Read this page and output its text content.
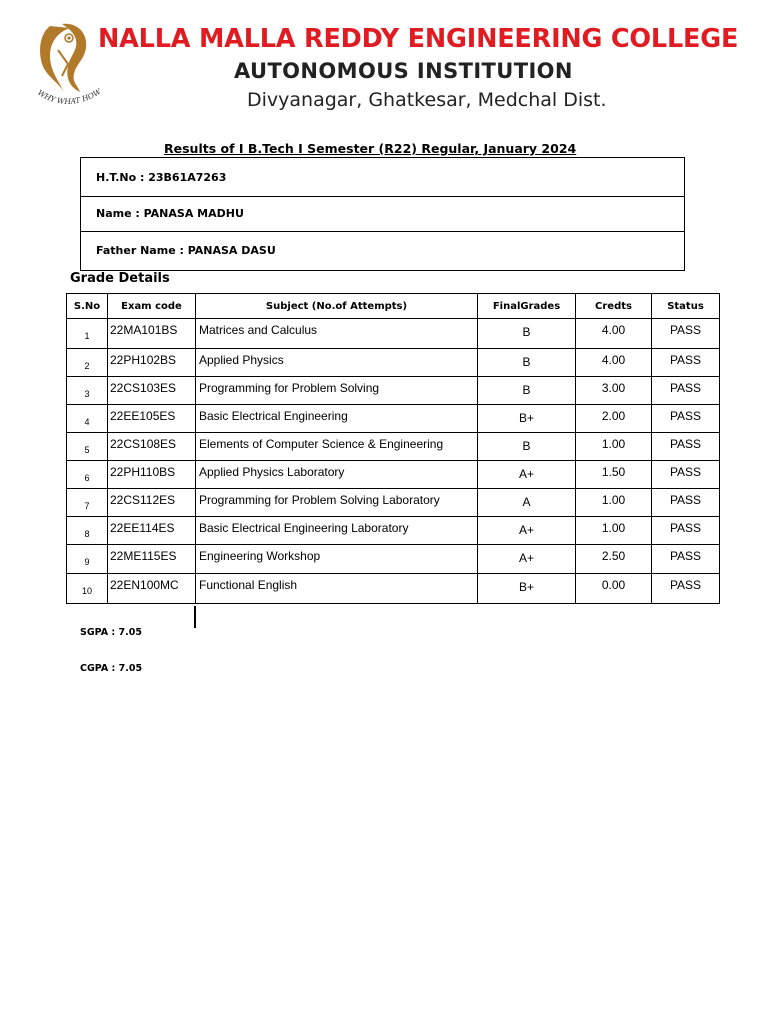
WHY WHAT HOW
NALLA MALLA REDDY ENGINEERING COLLEGE
AUTONOMOUS INSTITUTION
Divyanagar, Ghatkesar, Medchal Dist.
Results of I B.Tech I Semester (R22) Regular, January 2024
H.T.No : 23B61A7263
Name : PANASA MADHU
Father Name : PANASA DASU
Grade Details
S.No	Exam code	Subject (No.of Attempts)	FinalGrades	Credts	Status
1	22MA101BS	Matrices and Calculus	B	4.00	PASS
2	22PH102BS	Applied Physics	B	4.00	PASS
3	22CS103ES	Programming for Problem Solving	B	3.00	PASS
4	22EE105ES	Basic Electrical Engineering	B+	2.00	PASS
5	22CS108ES	Elements of Computer Science & Engineering	B	1.00	PASS
6	22PH110BS	Applied Physics Laboratory	A+	1.50	PASS
7	22CS112ES	Programming for Problem Solving Laboratory	A	1.00	PASS
8	22EE114ES	Basic Electrical Engineering Laboratory	A+	1.00	PASS
9	22ME115ES	Engineering Workshop	A+	2.50	PASS
10	22EN100MC	Functional English	B+	0.00	PASS
SGPA : 7.05
CGPA : 7.05
